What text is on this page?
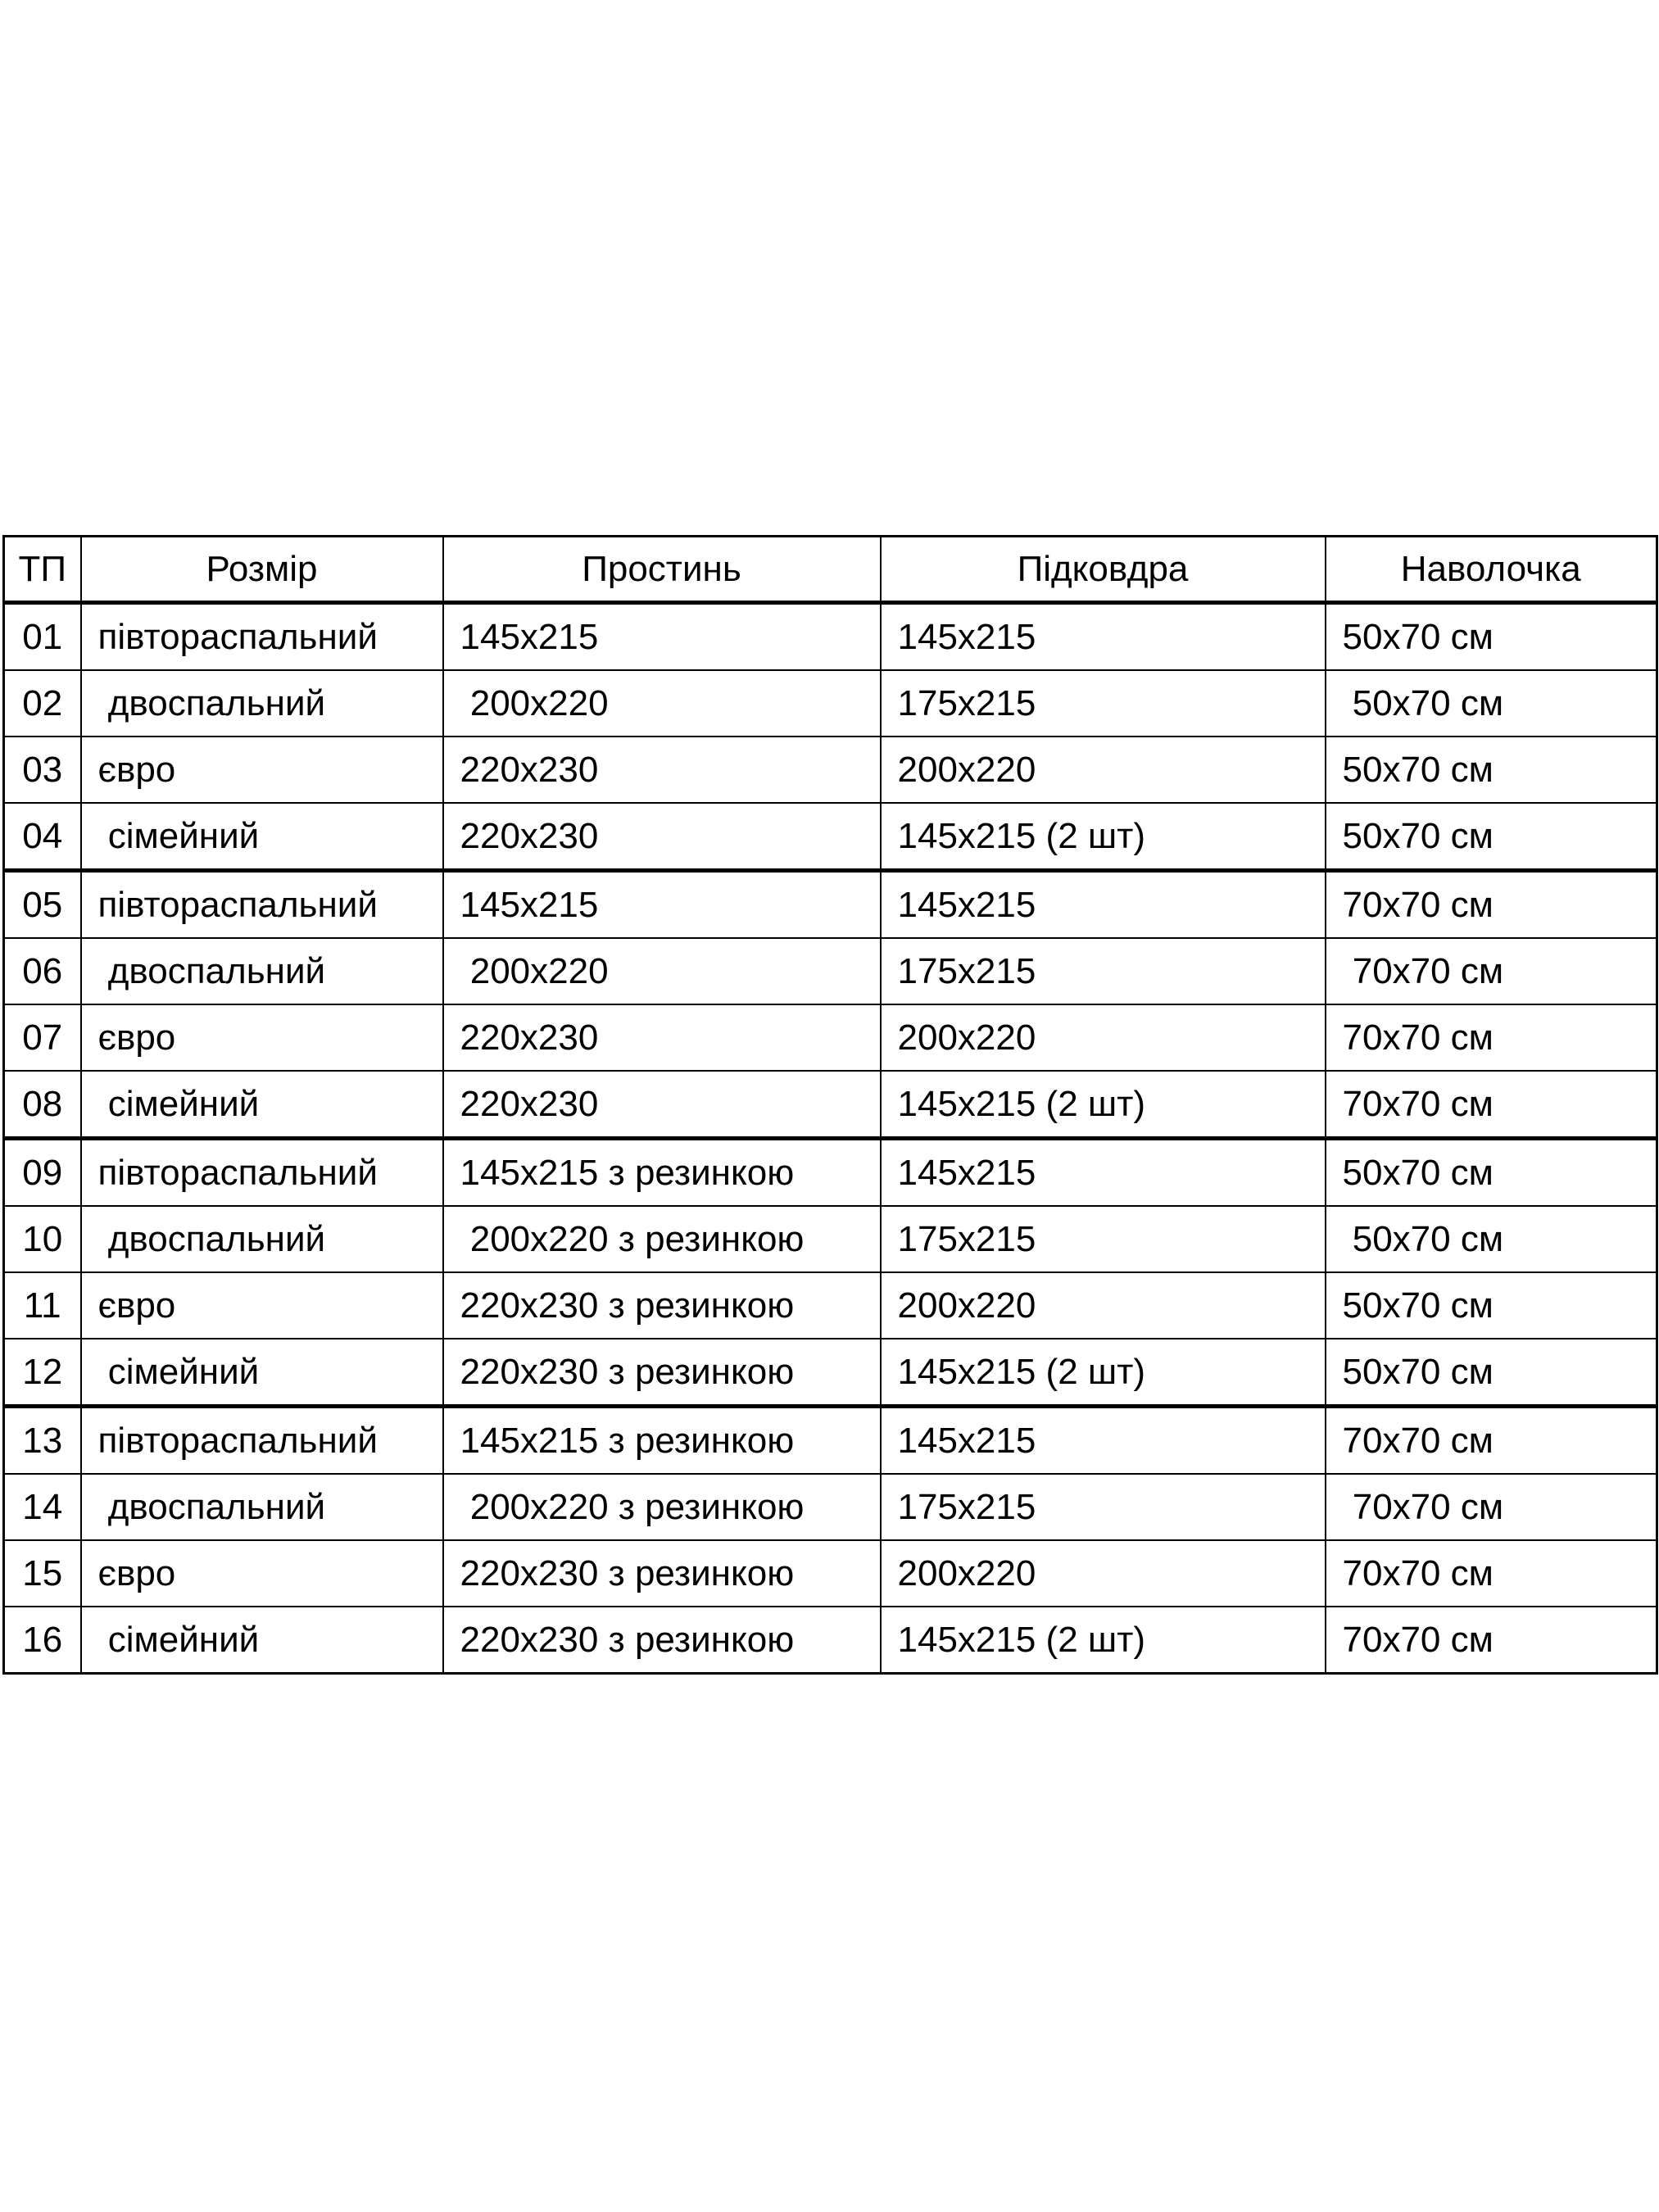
ТП	Розмір	Простинь	Підковдра	Наволочка
01	півтораспальний	145x215	145x215	50x70 см
02	двоспальний	200x220	175x215	50x70 см
03	євро	220x230	200x220	50x70 см
04	сімейний	220x230	145x215 (2 шт)	50x70 см
05	півтораспальний	145x215	145x215	70x70 см
06	двоспальний	200x220	175x215	70x70 см
07	євро	220x230	200x220	70x70 см
08	сімейний	220x230	145x215 (2 шт)	70x70 см
09	півтораспальний	145x215 з резинкою	145x215	50x70 см
10	двоспальний	200x220 з резинкою	175x215	50x70 см
11	євро	220x230 з резинкою	200x220	50x70 см
12	сімейний	220x230 з резинкою	145x215 (2 шт)	50x70 см
13	півтораспальний	145x215 з резинкою	145x215	70x70 см
14	двоспальний	200x220 з резинкою	175x215	70x70 см
15	євро	220x230 з резинкою	200x220	70x70 см
16	сімейний	220x230 з резинкою	145x215 (2 шт)	70x70 см
